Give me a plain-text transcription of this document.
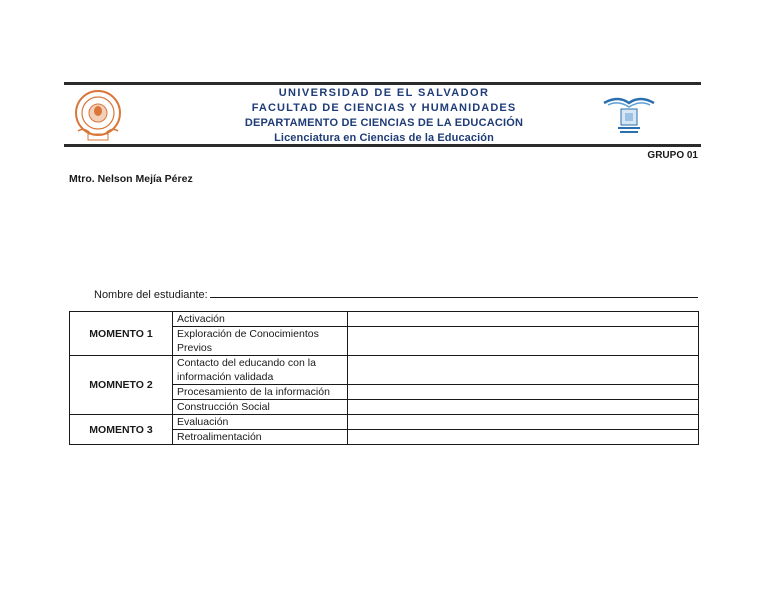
UNIVERSIDAD DE EL SALVADOR
FACULTAD DE CIENCIAS Y HUMANIDADES
DEPARTAMENTO DE CIENCIAS DE LA EDUCACIÓN
Licenciatura en Ciencias de la Educación
GRUPO 01
Mtro. Nelson Mejía Pérez
Nombre del estudiante:
MOMENTO 1	Activación	
	Exploración de Conocimientos Previos	
MOMNETO 2	Contacto del educando con la información validada	
	Procesamiento de la información	
	Construcción Social	
MOMENTO 3	Evaluación	
	Retroalimentación	
